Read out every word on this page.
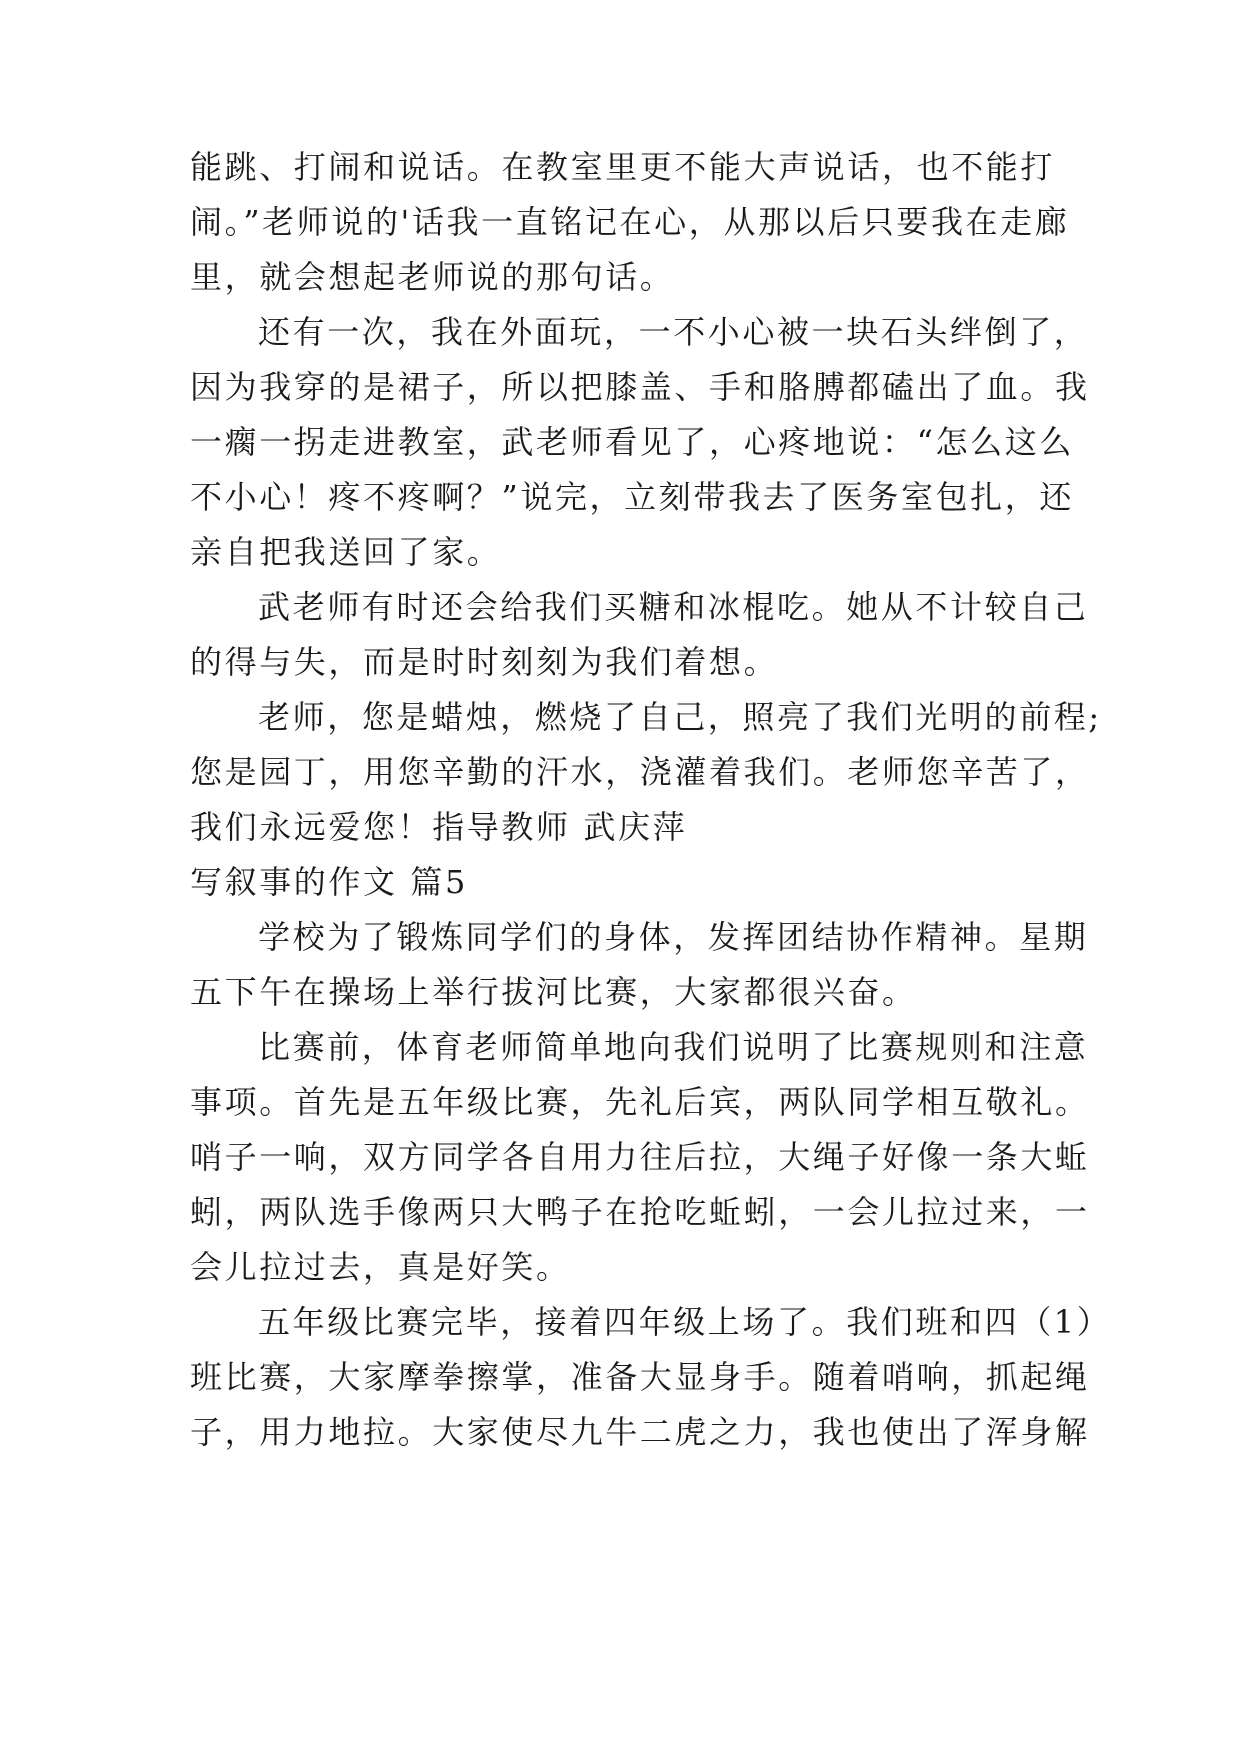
能跳、打闹和说话。在教室里更不能大声说话，也不能打

闹。”老师说的'话我一直铭记在心，从那以后只要我在走廊

里，就会想起老师说的那句话。

还有一次，我在外面玩，一不小心被一块石头绊倒了，

因为我穿的是裙子，所以把膝盖、手和胳膊都磕出了血。我

一瘸一拐走进教室，武老师看见了，心疼地说：“怎么这么

不小心！疼不疼啊？”说完，立刻带我去了医务室包扎，还

亲自把我送回了家。

武老师有时还会给我们买糖和冰棍吃。她从不计较自己

的得与失，而是时时刻刻为我们着想。

老师，您是蜡烛，燃烧了自己，照亮了我们光明的前程;

您是园丁，用您辛勤的汗水，浇灌着我们。老师您辛苦了，

我们永远爱您！指导教师 武庆萍

写叙事的作文 篇5

学校为了锻炼同学们的身体，发挥团结协作精神。星期

五下午在操场上举行拔河比赛，大家都很兴奋。

比赛前，体育老师简单地向我们说明了比赛规则和注意

事项。首先是五年级比赛，先礼后宾，两队同学相互敬礼。

哨子一响，双方同学各自用力往后拉，大绳子好像一条大蚯

蚓，两队选手像两只大鸭子在抢吃蚯蚓，一会儿拉过来，一

会儿拉过去，真是好笑。

五年级比赛完毕，接着四年级上场了。我们班和四（1）

班比赛，大家摩拳擦掌，准备大显身手。随着哨响，抓起绳

子，用力地拉。大家使尽九牛二虎之力，我也使出了浑身解
